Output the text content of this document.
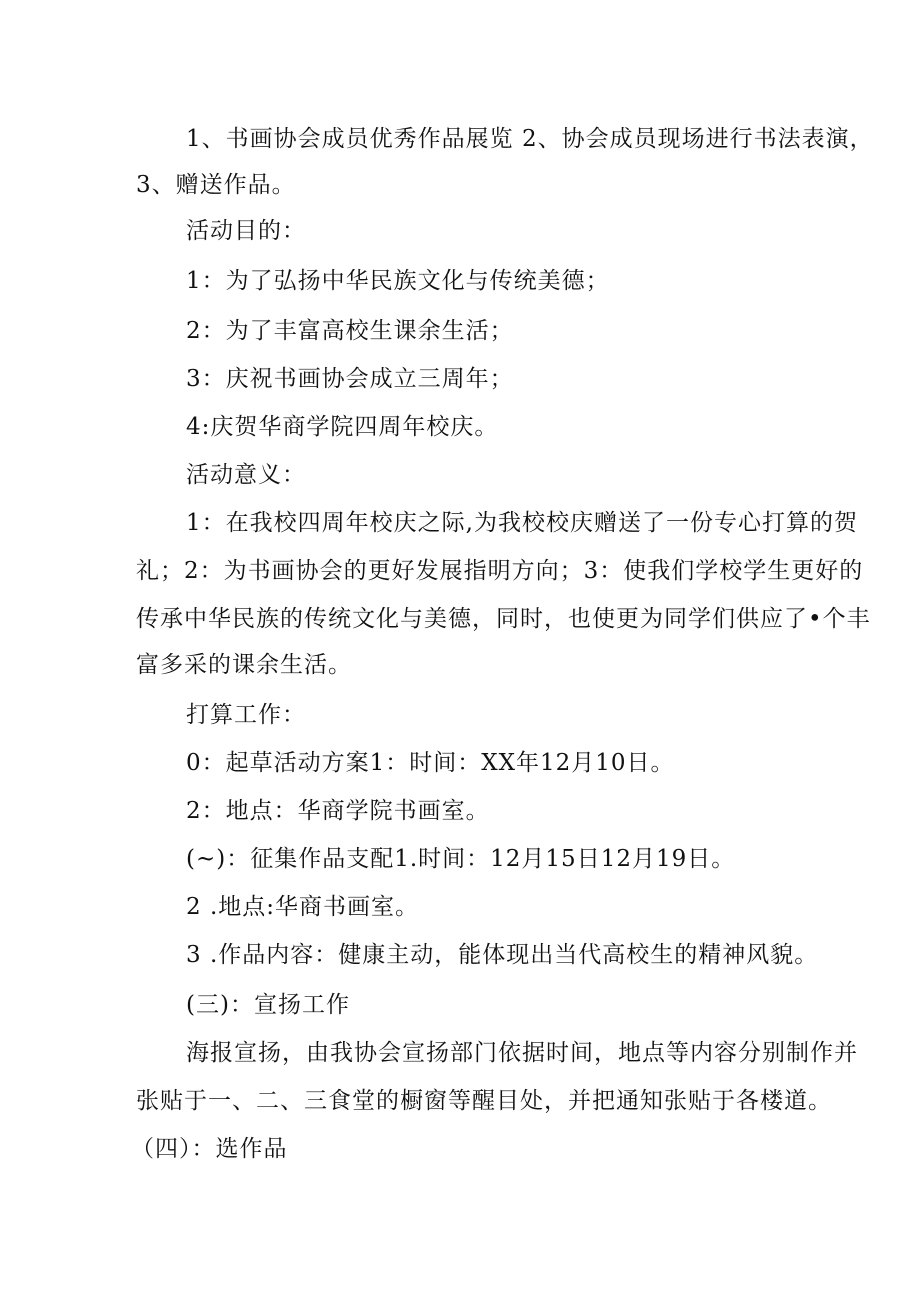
1、书画协会成员优秀作品展览 2、协会成员现场进行书法表演，
3、赠送作品。
活动目的：
1：为了弘扬中华民族文化与传统美德；
2：为了丰富高校生课余生活；
3：庆祝书画协会成立三周年；
4:庆贺华商学院四周年校庆。
活动意义：
1：在我校四周年校庆之际,为我校校庆赠送了一份专心打算的贺
礼；2：为书画协会的更好发展指明方向；3：使我们学校学生更好的
传承中华民族的传统文化与美德，同时，也使更为同学们供应了•个丰
富多采的课余生活。
打算工作：
0：起草活动方案1：时间：XX年12月10日。
2：地点：华商学院书画室。
(~)：征集作品支配1.时间：12月15日12月19日。
2 .地点:华商书画室。
3 .作品内容：健康主动，能体现出当代高校生的精神风貌。
(三)：宣扬工作
海报宣扬，由我协会宣扬部门依据时间，地点等内容分别制作并
张贴于一、二、三食堂的橱窗等醒目处，并把通知张贴于各楼道。
（四）：选作品
